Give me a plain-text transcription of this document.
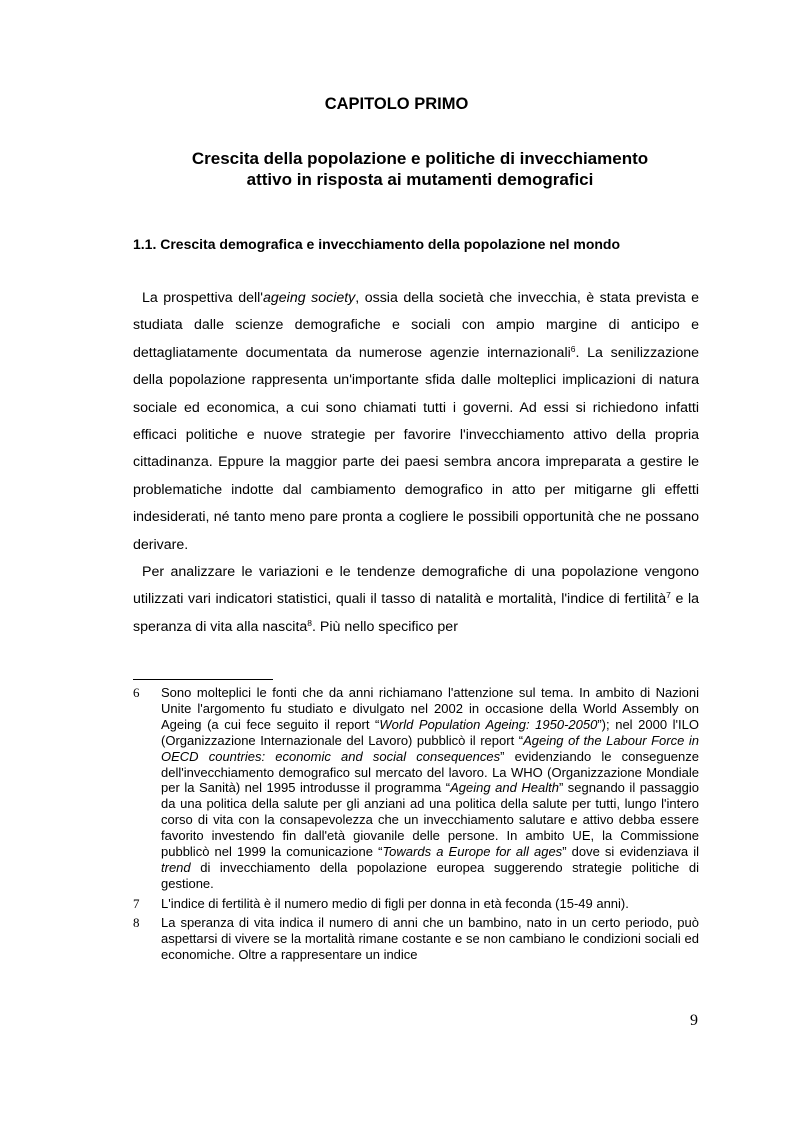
CAPITOLO PRIMO
Crescita della popolazione e politiche di invecchiamento
attivo in risposta ai mutamenti demografici
1.1. Crescita demografica e invecchiamento della popolazione nel mondo

La prospettiva dell'ageing society, ossia della società che invecchia, è stata prevista e studiata dalle scienze demografiche e sociali con ampio margine di anticipo e dettagliatamente documentata da numerose agenzie internazionali$^6$. La senilizzazione della popolazione rappresenta un'importante sfida dalle molteplici implicazioni di natura sociale ed economica, a cui sono chiamati tutti i governi. Ad essi si richiedono infatti efficaci politiche e nuove strategie per favorire l'invecchiamento attivo della propria cittadinanza. Eppure la maggior parte dei paesi sembra ancora impreparata a gestire le problematiche indotte dal cambiamento demografico in atto per mitigarne gli effetti indesiderati, né tanto meno pare pronta a cogliere le possibili opportunità che ne possano derivare.

Per analizzare le variazioni e le tendenze demografiche di una popolazione vengono utilizzati vari indicatori statistici, quali il tasso di natalità e mortalità, l'indice di fertilità$^7$ e la speranza di vita alla nascita$^8$. Più nello specifico per

6 Sono molteplici le fonti che da anni richiamano l'attenzione sul tema. In ambito di Nazioni Unite l'argomento fu studiato e divulgato nel 2002 in occasione della World Assembly on Ageing (a cui fece seguito il report “World Population Ageing: 1950-2050”); nel 2000 l'ILO (Organizzazione Internazionale del Lavoro) pubblicò il report “Ageing of the Labour Force in OECD countries: economic and social consequences” evidenziando le conseguenze dell'invecchiamento demografico sul mercato del lavoro. La WHO (Organizzazione Mondiale per la Sanità) nel 1995 introdusse il programma “Ageing and Health” segnando il passaggio da una politica della salute per gli anziani ad una politica della salute per tutti, lungo l'intero corso di vita con la consapevolezza che un invecchiamento salutare e attivo debba essere favorito investendo fin dall'età giovanile delle persone. In ambito UE, la Commissione pubblicò nel 1999 la comunicazione “Towards a Europe for all ages” dove si evidenziava il trend di invecchiamento della popolazione europea suggerendo strategie politiche di gestione.
7 L'indice di fertilità è il numero medio di figli per donna in età feconda (15-49 anni).
8 La speranza di vita indica il numero di anni che un bambino, nato in un certo periodo, può aspettarsi di vivere se la mortalità rimane costante e se non cambiano le condizioni sociali ed economiche. Oltre a rappresentare un indice
9
